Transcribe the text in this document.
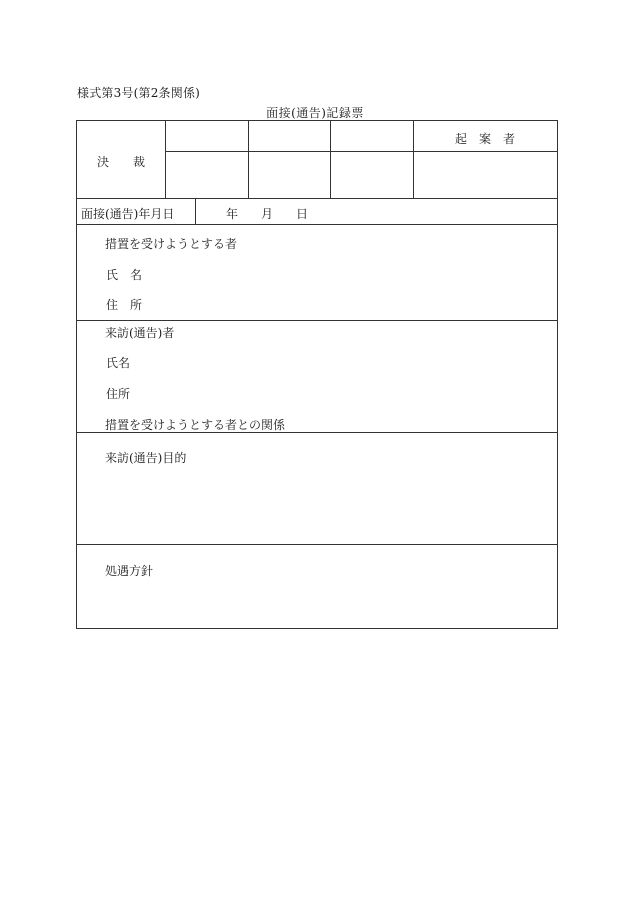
様式第3号(第2条関係)
面接(通告)記録票
決　　裁
起　案　者
面接(通告)年月日	年 月 日
措置を受けようとする者
氏　名
住　所
来訪(通告)者
氏名
住所
措置を受けようとする者との関係
来訪(通告)目的
処遇方針
